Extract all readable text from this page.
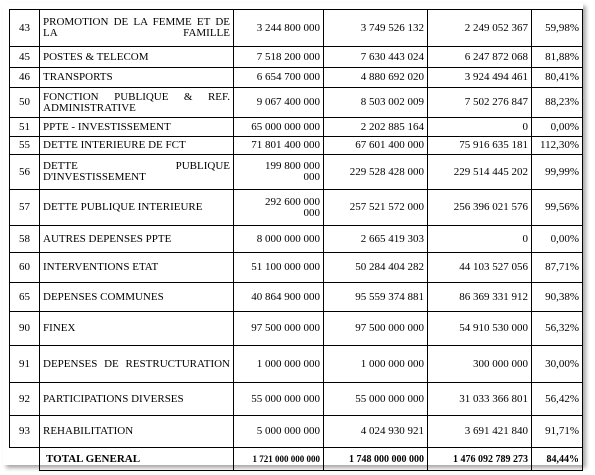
43	PROMOTION DE LA FEMME ET DE LA FAMILLE	3 244 800 000	3 749 526 132	2 249 052 367	59,98%
45	POSTES & TELECOM	7 518 200 000	7 630 443 024	6 247 872 068	81,88%
46	TRANSPORTS	6 654 700 000	4 880 692 020	3 924 494 461	80,41%
50	FONCTION PUBLIQUE & REF. ADMINISTRATIVE	9 067 400 000	8 503 002 009	7 502 276 847	88,23%
51	PPTE - INVESTISSEMENT	65 000 000 000	2 202 885 164	0	0,00%
55	DETTE INTERIEURE DE FCT	71 801 400 000	67 601 400 000	75 916 635 181	112,30%
56	DETTE PUBLIQUE D'INVESTISSEMENT	199 800 000 000	229 528 428 000	229 514 445 202	99,99%
57	DETTE PUBLIQUE INTERIEURE	292 600 000 000	257 521 572 000	256 396 021 576	99,56%
58	AUTRES DEPENSES PPTE	8 000 000 000	2 665 419 303	0	0,00%
60	INTERVENTIONS ETAT	51 100 000 000	50 284 404 282	44 103 527 056	87,71%
65	DEPENSES COMMUNES	40 864 900 000	95 559 374 881	86 369 331 912	90,38%
90	FINEX	97 500 000 000	97 500 000 000	54 910 530 000	56,32%
91	DEPENSES DE RESTRUCTURATION	1 000 000 000	1 000 000 000	300 000 000	30,00%
92	PARTICIPATIONS DIVERSES	55 000 000 000	55 000 000 000	31 033 366 801	56,42%
93	REHABILITATION	5 000 000 000	4 024 930 921	3 691 421 840	91,71%
	TOTAL GENERAL	1 721 000 000 000	1 748 000 000 000	1 476 092 789 273	84,44%
